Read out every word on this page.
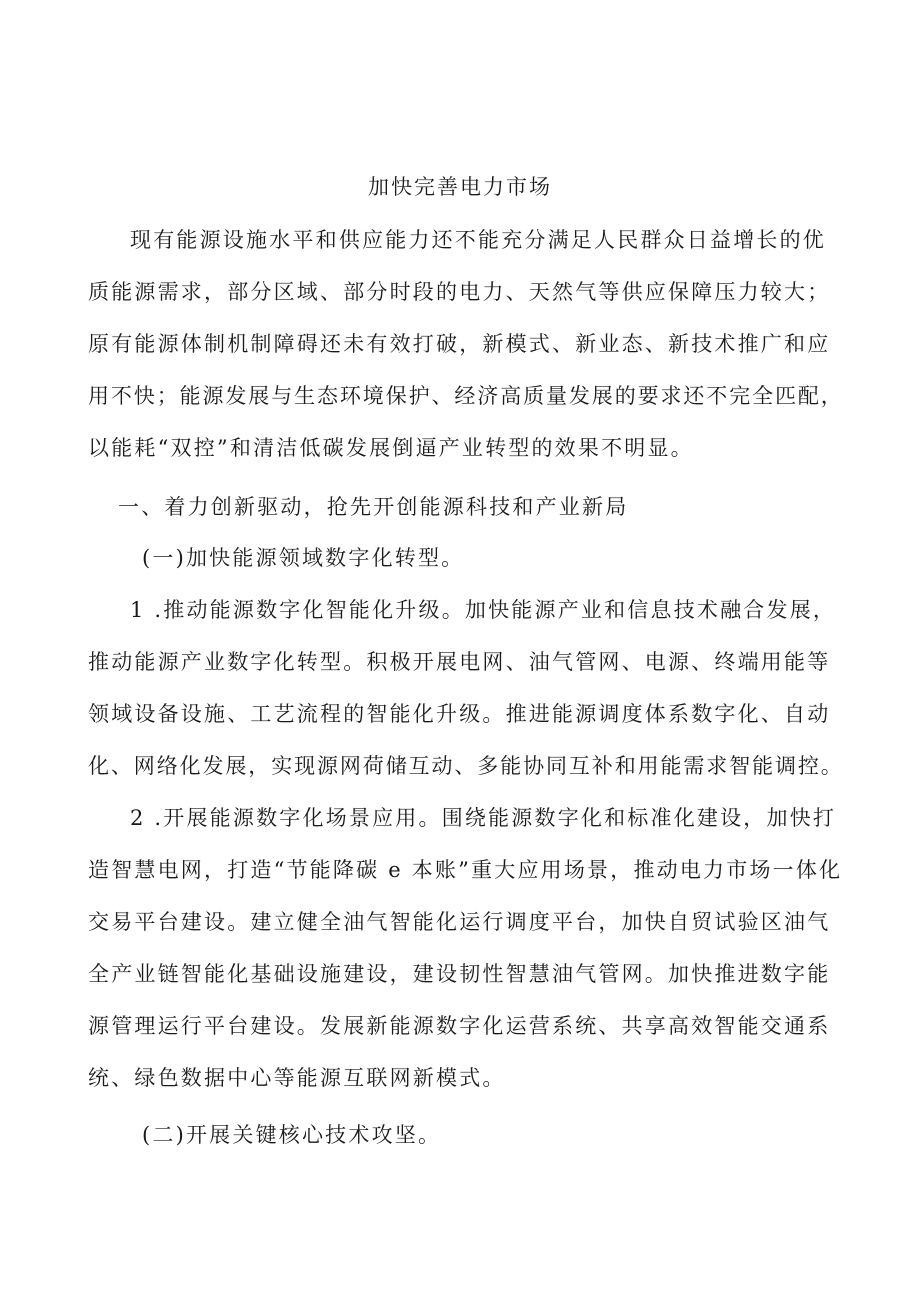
加快完善电力市场
现有能源设施水平和供应能力还不能充分满足人民群众日益增长的优
质能源需求，部分区域、部分时段的电力、天然气等供应保障压力较大；
原有能源体制机制障碍还未有效打破，新模式、新业态、新技术推广和应
用不快；能源发展与生态环境保护、经济高质量发展的要求还不完全匹配，
以能耗“双控”和清洁低碳发展倒逼产业转型的效果不明显。
一、着力创新驱动，抢先开创能源科技和产业新局
(一)加快能源领域数字化转型。
1 .推动能源数字化智能化升级。加快能源产业和信息技术融合发展，
推动能源产业数字化转型。积极开展电网、油气管网、电源、终端用能等
领域设备设施、工艺流程的智能化升级。推进能源调度体系数字化、自动
化、网络化发展，实现源网荷储互动、多能协同互补和用能需求智能调控。
2 .开展能源数字化场景应用。围绕能源数字化和标准化建设，加快打
造智慧电网，打造“节能降碳 e 本账”重大应用场景，推动电力市场一体化
交易平台建设。建立健全油气智能化运行调度平台，加快自贸试验区油气
全产业链智能化基础设施建设，建设韧性智慧油气管网。加快推进数字能
源管理运行平台建设。发展新能源数字化运营系统、共享高效智能交通系
统、绿色数据中心等能源互联网新模式。
(二)开展关键核心技术攻坚。
